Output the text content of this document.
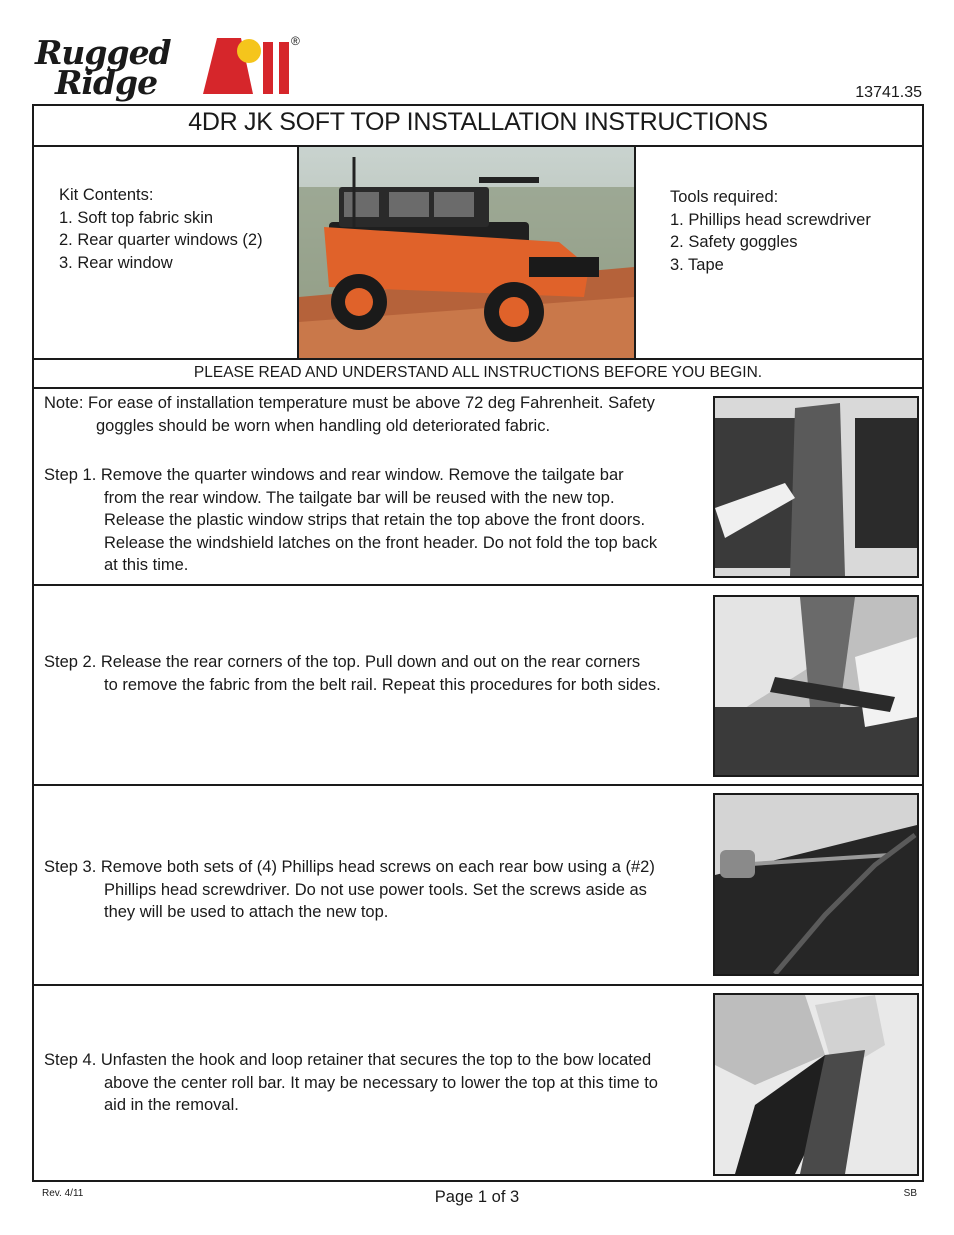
Rugged
Ridge
®
13741.35
4DR JK SOFT TOP INSTALLATION INSTRUCTIONS
Kit Contents:
1. Soft top fabric skin
2. Rear quarter windows (2)
3. Rear window
Tools required:
1. Phillips head screwdriver
2. Safety goggles
3. Tape
PLEASE READ AND UNDERSTAND ALL INSTRUCTIONS BEFORE YOU BEGIN.
Note: For ease of installation temperature must be above 72 deg Fahrenheit. Safety
goggles should be worn when handling old deteriorated fabric.
Step 1. Remove the quarter windows and rear window. Remove the tailgate bar
from the rear window. The tailgate bar will be reused with the new top.
Release the plastic window strips that retain the top above the front doors.
Release the windshield latches on the front header. Do not fold the top back
at this time.
Step 2. Release the rear corners of the top. Pull down and out on the rear corners
to remove the fabric from the belt rail. Repeat this procedures for both sides.
Step 3. Remove both sets of (4) Phillips head screws on each rear bow using a (#2)
Phillips head screwdriver. Do not use power tools. Set the screws aside as
they will be used to attach the new top.
Step 4. Unfasten the hook and loop retainer that secures the top to the bow located
above the center roll bar. It may be necessary to lower the top at this time to
aid in the removal.
Rev. 4/11	Page 1 of 3	SB
